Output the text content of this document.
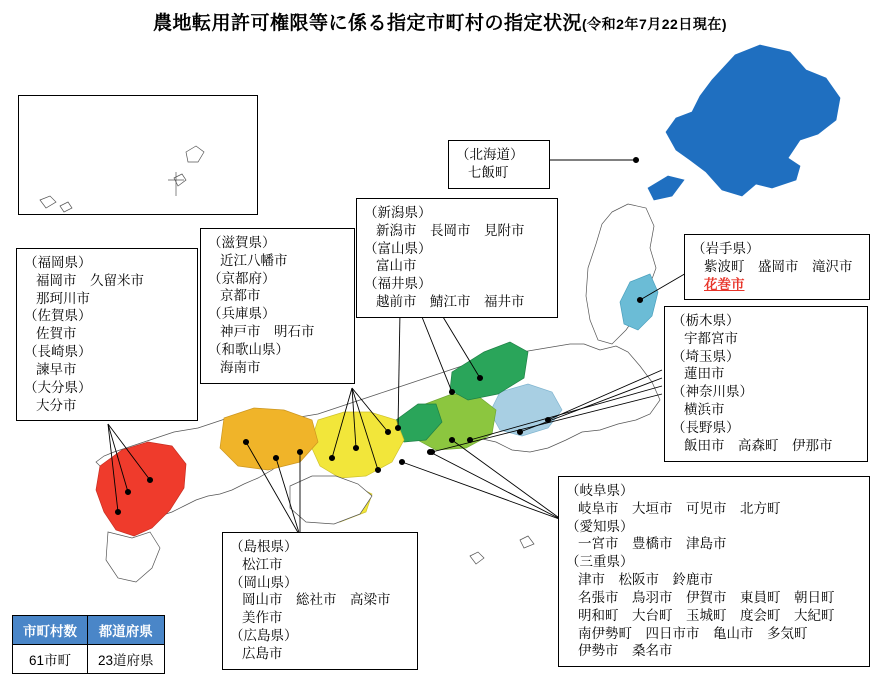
農地転用許可権限等に係る指定市町村の指定状況(令和2年7月22日現在)
（北海道）
七飯町
（岩手県）
紫波町　盛岡市　滝沢市
花巻市
（栃木県）
宇都宮市
（埼玉県）
蓮田市
（神奈川県）
横浜市
（長野県）
飯田市　高森町　伊那市
（新潟県）
新潟市　長岡市　見附市
（富山県）
富山市
（福井県）
越前市　鯖江市　福井市
（滋賀県）
近江八幡市
（京都府）
京都市
（兵庫県）
神戸市　明石市
（和歌山県）
海南市
（福岡県）
福岡市　久留米市
那珂川市
（佐賀県）
佐賀市
（長崎県）
諫早市
（大分県）
大分市
（島根県）
松江市
（岡山県）
岡山市　総社市　高梁市
美作市
（広島県）
広島市
（岐阜県）
岐阜市　大垣市　可児市　北方町
（愛知県）
一宮市　豊橋市　津島市
（三重県）
津市　松阪市　鈴鹿市
名張市　鳥羽市　伊賀市　東員町　朝日町
明和町　大台町　玉城町　度会町　大紀町
南伊勢町　四日市市　亀山市　多気町
伊勢市　桑名市
市町村数	都道府県
61市町	23道府県
